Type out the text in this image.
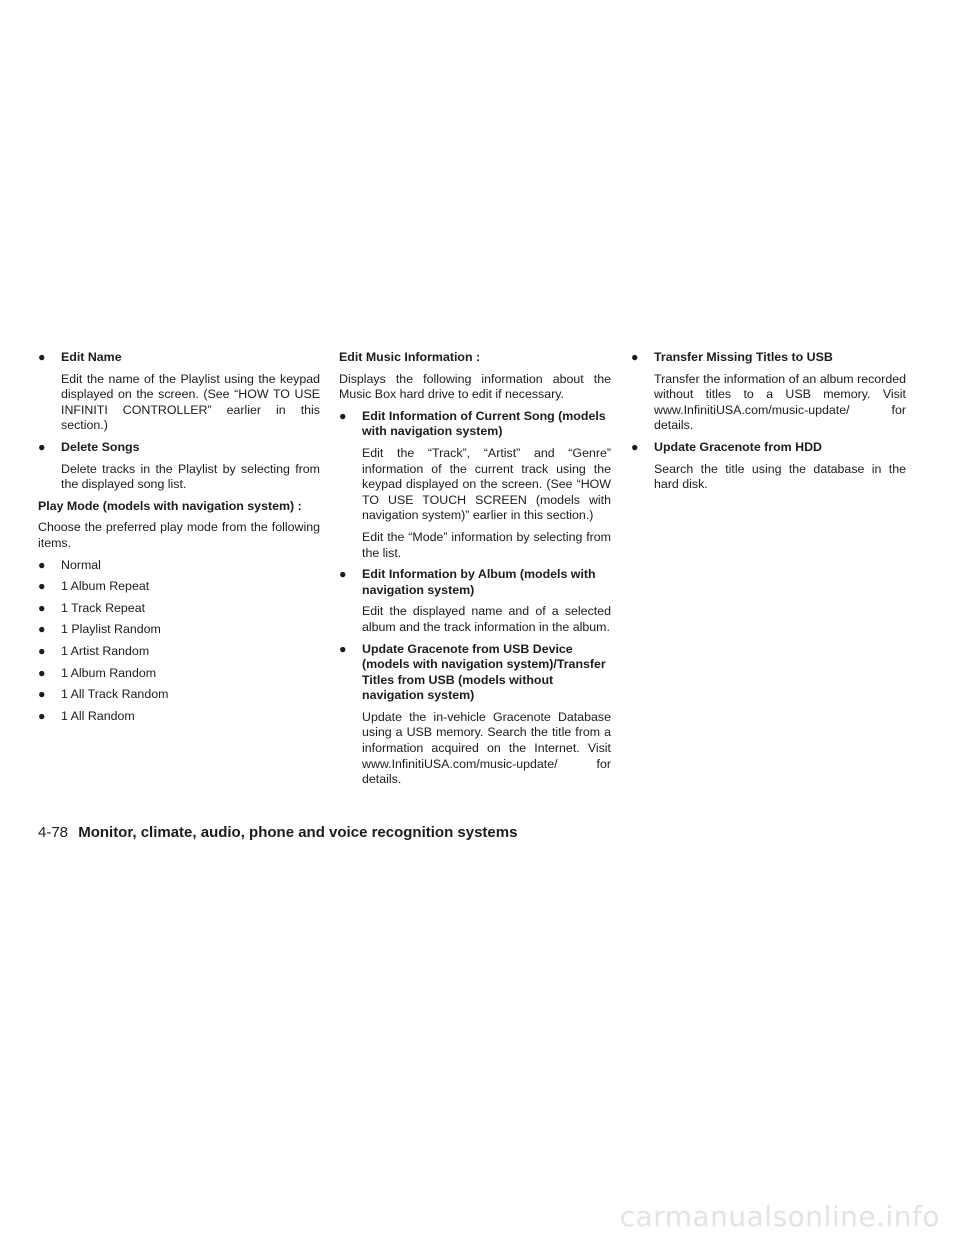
● Edit Name
Edit the name of the Playlist using the keypad displayed on the screen. (See “HOW TO USE INFINITI CONTROLLER” earlier in this section.)
● Delete Songs
Delete tracks in the Playlist by selecting from the displayed song list.
Play Mode (models with navigation system) :
Choose the preferred play mode from the following items.
● Normal
● 1 Album Repeat
● 1 Track Repeat
● 1 Playlist Random
● 1 Artist Random
● 1 Album Random
● 1 All Track Random
● 1 All Random
Edit Music Information :
Displays the following information about the Music Box hard drive to edit if necessary.
● Edit Information of Current Song (models with navigation system)
Edit the “Track”, “Artist” and “Genre” information of the current track using the keypad displayed on the screen. (See “HOW TO USE TOUCH SCREEN (models with navigation system)” earlier in this section.)
Edit the “Mode” information by selecting from the list.
● Edit Information by Album (models with navigation system)
Edit the displayed name and of a selected album and the track information in the album.
● Update Gracenote from USB Device (models with navigation system)/Transfer Titles from USB (models without navigation system)
Update the in-vehicle Gracenote Database using a USB memory. Search the title from a information acquired on the Internet. Visit www.InfinitiUSA.com/music-update/ for details.
● Transfer Missing Titles to USB
Transfer the information of an album recorded without titles to a USB memory. Visit www.InfinitiUSA.com/music-update/ for details.
● Update Gracenote from HDD
Search the title using the database in the hard disk.
4-78 Monitor, climate, audio, phone and voice recognition systems
carmanualsonline.info
